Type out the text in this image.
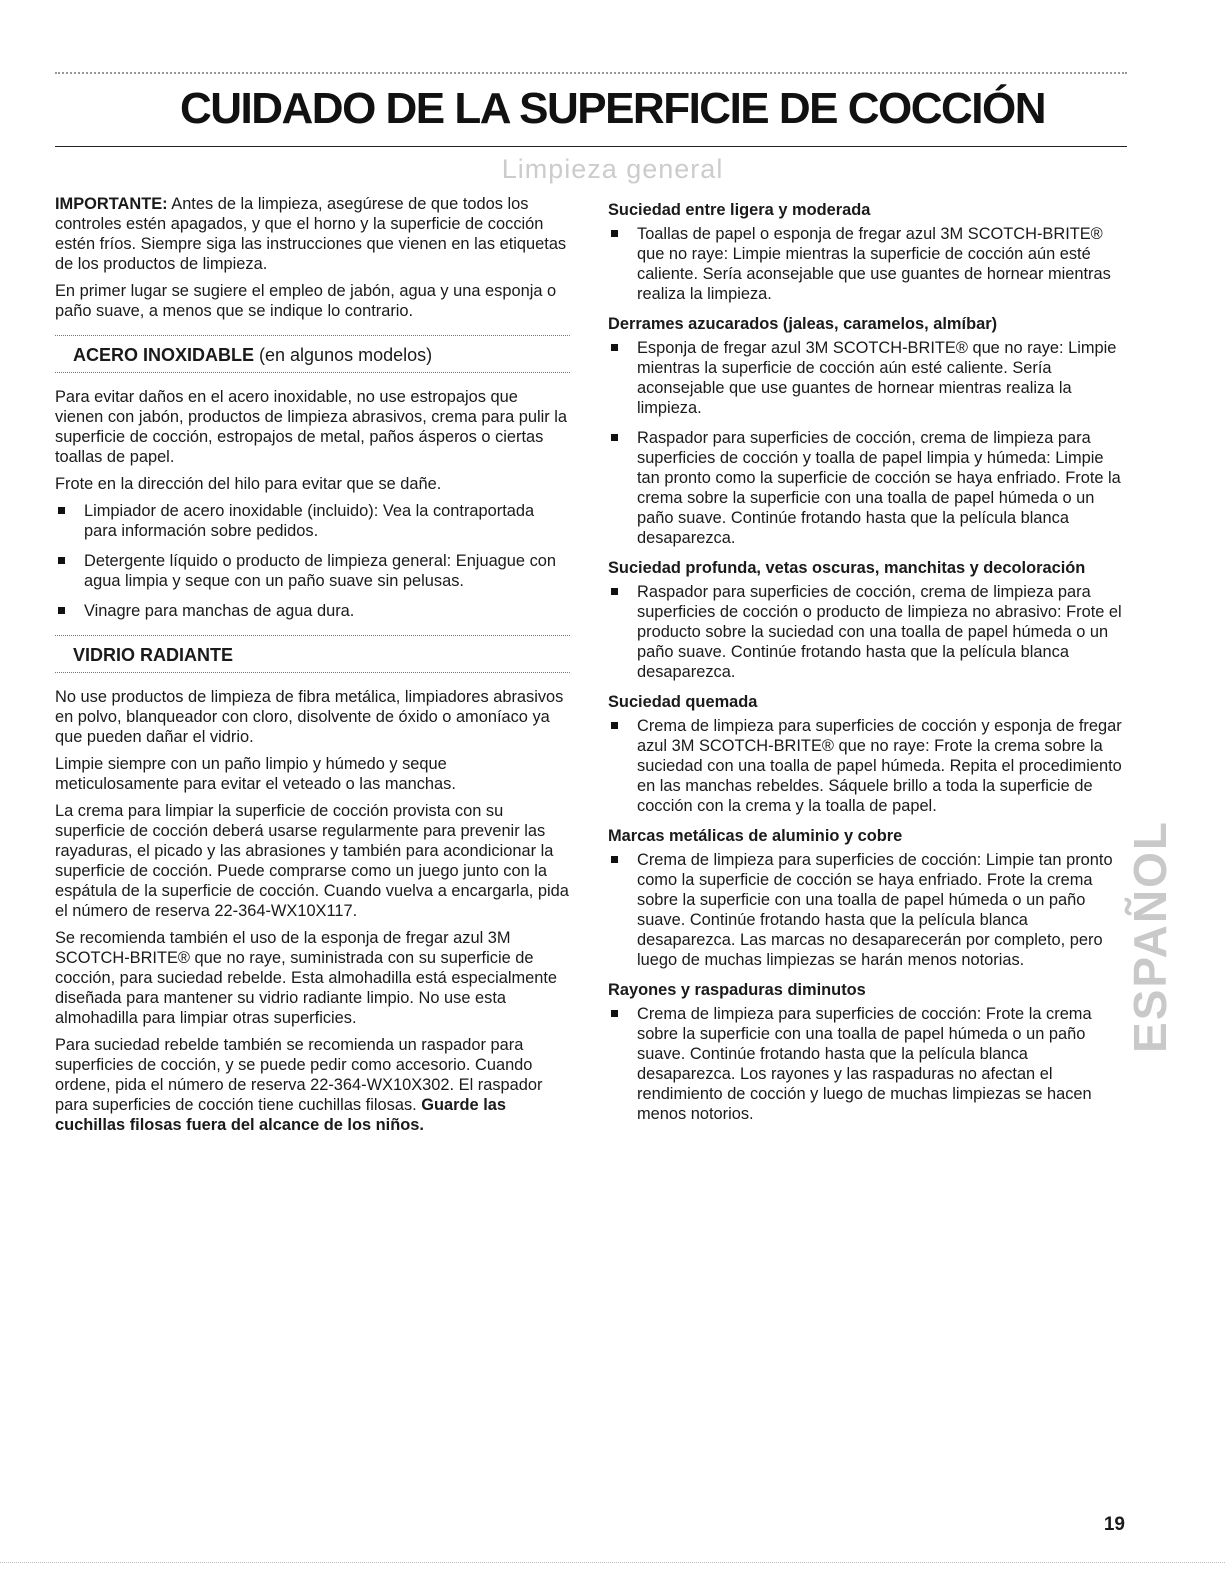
CUIDADO DE LA SUPERFICIE DE COCCIÓN
Limpieza general

IMPORTANTE: Antes de la limpieza, asegúrese de que todos los controles estén apagados, y que el horno y la superficie de cocción estén fríos. Siempre siga las instrucciones que vienen en las etiquetas de los productos de limpieza.

En primer lugar se sugiere el empleo de jabón, agua y una esponja o paño suave, a menos que se indique lo contrario.

ACERO INOXIDABLE (en algunos modelos)

Para evitar daños en el acero inoxidable, no use estropajos que vienen con jabón, productos de limpieza abrasivos, crema para pulir la superficie de cocción, estropajos de metal, paños ásperos o ciertas toallas de papel.

Frote en la dirección del hilo para evitar que se dañe.

Limpiador de acero inoxidable (incluido): Vea la contraportada para información sobre pedidos.
Detergente líquido o producto de limpieza general: Enjuague con agua limpia y seque con un paño suave sin pelusas.
Vinagre para manchas de agua dura.
VIDRIO RADIANTE

No use productos de limpieza de fibra metálica, limpiadores abrasivos en polvo, blanqueador con cloro, disolvente de óxido o amoníaco ya que pueden dañar el vidrio.

Limpie siempre con un paño limpio y húmedo y seque meticulosamente para evitar el veteado o las manchas.

La crema para limpiar la superficie de cocción provista con su superficie de cocción deberá usarse regularmente para prevenir las rayaduras, el picado y las abrasiones y también para acondicionar la superficie de cocción. Puede comprarse como un juego junto con la espátula de la superficie de cocción. Cuando vuelva a encargarla, pida el número de reserva 22-364-WX10X117.

Se recomienda también el uso de la esponja de fregar azul 3M SCOTCH-BRITE® que no raye, suministrada con su superficie de cocción, para suciedad rebelde. Esta almohadilla está especialmente diseñada para mantener su vidrio radiante limpio. No use esta almohadilla para limpiar otras superficies.

Para suciedad rebelde también se recomienda un raspador para superficies de cocción, y se puede pedir como accesorio. Cuando ordene, pida el número de reserva 22-364-WX10X302. El raspador para superficies de cocción tiene cuchillas filosas. Guarde las cuchillas filosas fuera del alcance de los niños.

Suciedad entre ligera y moderada
Toallas de papel o esponja de fregar azul 3M SCOTCH-BRITE® que no raye: Limpie mientras la superficie de cocción aún esté caliente. Sería aconsejable que use guantes de hornear mientras realiza la limpieza.
Derrames azucarados (jaleas, caramelos, almíbar)
Esponja de fregar azul 3M SCOTCH-BRITE® que no raye: Limpie mientras la superficie de cocción aún esté caliente. Sería aconsejable que use guantes de hornear mientras realiza la limpieza.
Raspador para superficies de cocción, crema de limpieza para superficies de cocción y toalla de papel limpia y húmeda: Limpie tan pronto como la superficie de cocción se haya enfriado. Frote la crema sobre la superficie con una toalla de papel húmeda o un paño suave. Continúe frotando hasta que la película blanca desaparezca.
Suciedad profunda, vetas oscuras, manchitas y decoloración
Raspador para superficies de cocción, crema de limpieza para superficies de cocción o producto de limpieza no abrasivo: Frote el producto sobre la suciedad con una toalla de papel húmeda o un paño suave. Continúe frotando hasta que la película blanca desaparezca.
Suciedad quemada
Crema de limpieza para superficies de cocción y esponja de fregar azul 3M SCOTCH-BRITE® que no raye: Frote la crema sobre la suciedad con una toalla de papel húmeda. Repita el procedimiento en las manchas rebeldes. Sáquele brillo a toda la superficie de cocción con la crema y la toalla de papel.
Marcas metálicas de aluminio y cobre
Crema de limpieza para superficies de cocción: Limpie tan pronto como la superficie de cocción se haya enfriado. Frote la crema sobre la superficie con una toalla de papel húmeda o un paño suave. Continúe frotando hasta que la película blanca desaparezca. Las marcas no desaparecerán por completo, pero luego de muchas limpiezas se harán menos notorias.
Rayones y raspaduras diminutos
Crema de limpieza para superficies de cocción: Frote la crema sobre la superficie con una toalla de papel húmeda o un paño suave. Continúe frotando hasta que la película blanca desaparezca. Los rayones y las raspaduras no afectan el rendimiento de cocción y luego de muchas limpiezas se hacen menos notorios.
ESPAÑOL
19
